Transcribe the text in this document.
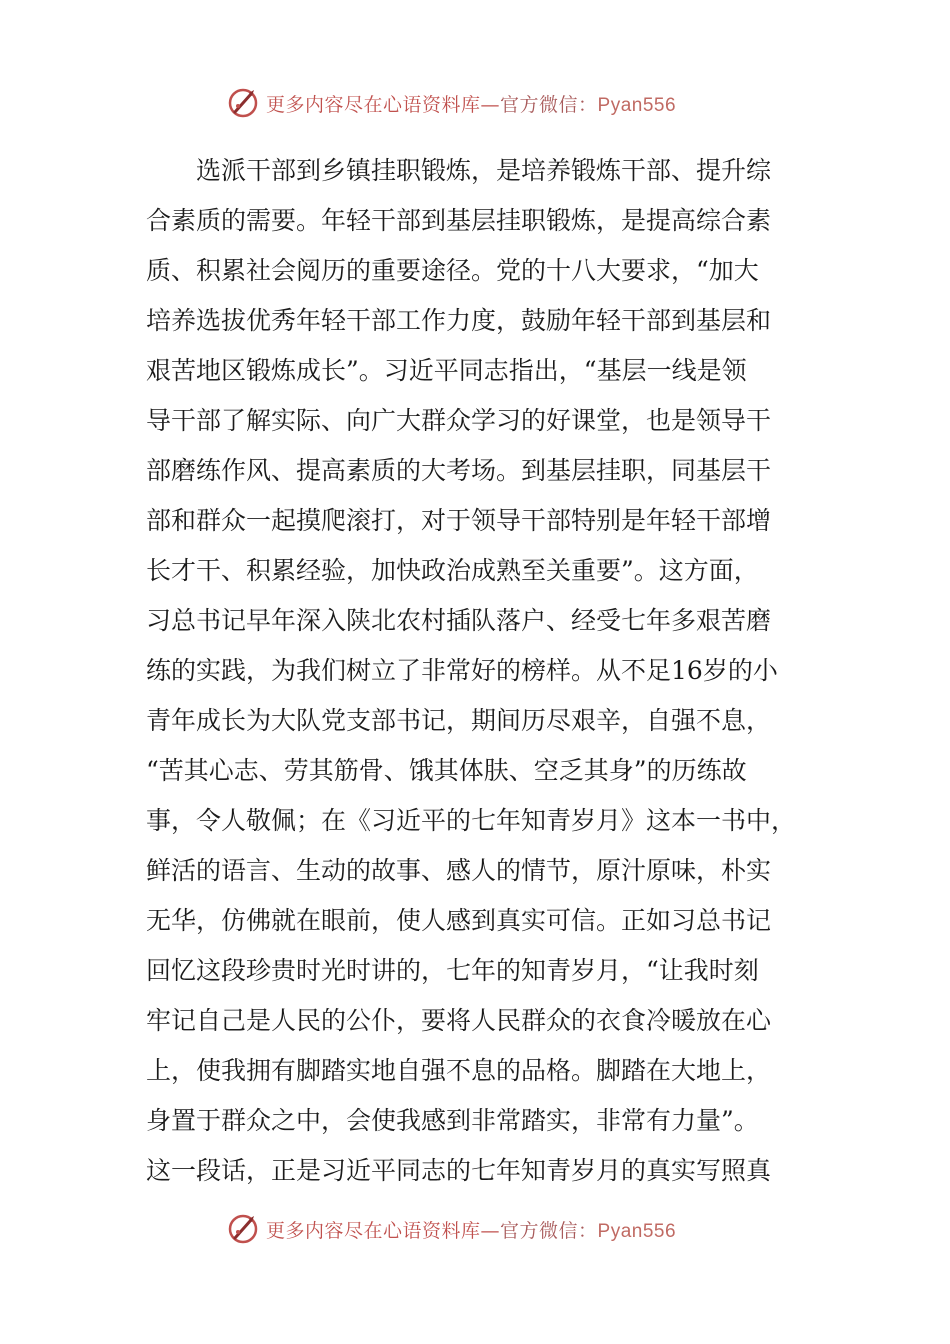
更多内容尽在心语资料库—官方微信：Pyan556
　　选派干部到乡镇挂职锻炼，是培养锻炼干部、提升综
合素质的需要。年轻干部到基层挂职锻炼，是提高综合素
质、积累社会阅历的重要途径。党的十八大要求，“加大
培养选拔优秀年轻干部工作力度，鼓励年轻干部到基层和
艰苦地区锻炼成长”。习近平同志指出，“基层一线是领
导干部了解实际、向广大群众学习的好课堂，也是领导干
部磨练作风、提高素质的大考场。到基层挂职，同基层干
部和群众一起摸爬滚打，对于领导干部特别是年轻干部增
长才干、积累经验，加快政治成熟至关重要”。这方面，
习总书记早年深入陕北农村插队落户、经受七年多艰苦磨
练的实践，为我们树立了非常好的榜样。从不足16岁的小
青年成长为大队党支部书记，期间历尽艰辛，自强不息，
“苦其心志、劳其筋骨、饿其体肤、空乏其身”的历练故
事，令人敬佩；在《习近平的七年知青岁月》这本一书中，
鲜活的语言、生动的故事、感人的情节，原汁原味，朴实
无华，仿佛就在眼前，使人感到真实可信。正如习总书记
回忆这段珍贵时光时讲的，七年的知青岁月，“让我时刻
牢记自己是人民的公仆，要将人民群众的衣食冷暖放在心
上，使我拥有脚踏实地自强不息的品格。脚踏在大地上，
身置于群众之中，会使我感到非常踏实，非常有力量”。
这一段话，正是习近平同志的七年知青岁月的真实写照真
更多内容尽在心语资料库—官方微信：Pyan556
